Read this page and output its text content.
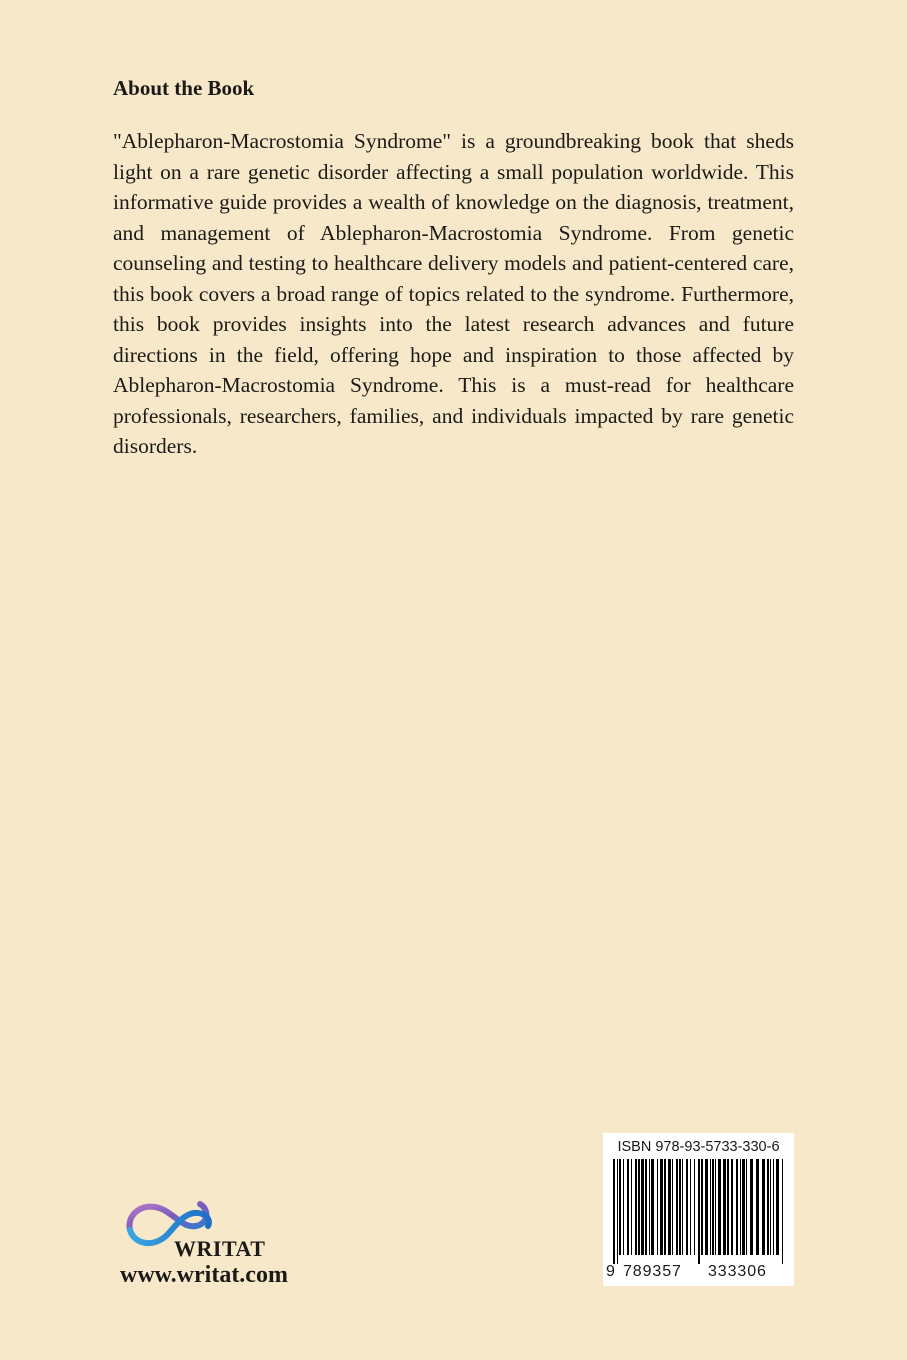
About the Book

"Ablepharon-Macrostomia Syndrome" is a groundbreaking book that sheds light on a rare genetic disorder affecting a small population worldwide. This informative guide provides a wealth of knowledge on the diagnosis, treatment, and management of Ablepharon-Macrostomia Syndrome. From genetic counseling and testing to healthcare delivery models and patient-centered care, this book covers a broad range of topics related to the syndrome. Furthermore, this book provides insights into the latest research advances and future directions in the field, offering hope and inspiration to those affected by Ablepharon-Macrostomia Syndrome. This is a must-read for healthcare professionals, researchers, families, and individuals impacted by rare genetic disorders.

WRITAT
www.writat.com
ISBN 978-93-5733-330-6
9 789357 333306
